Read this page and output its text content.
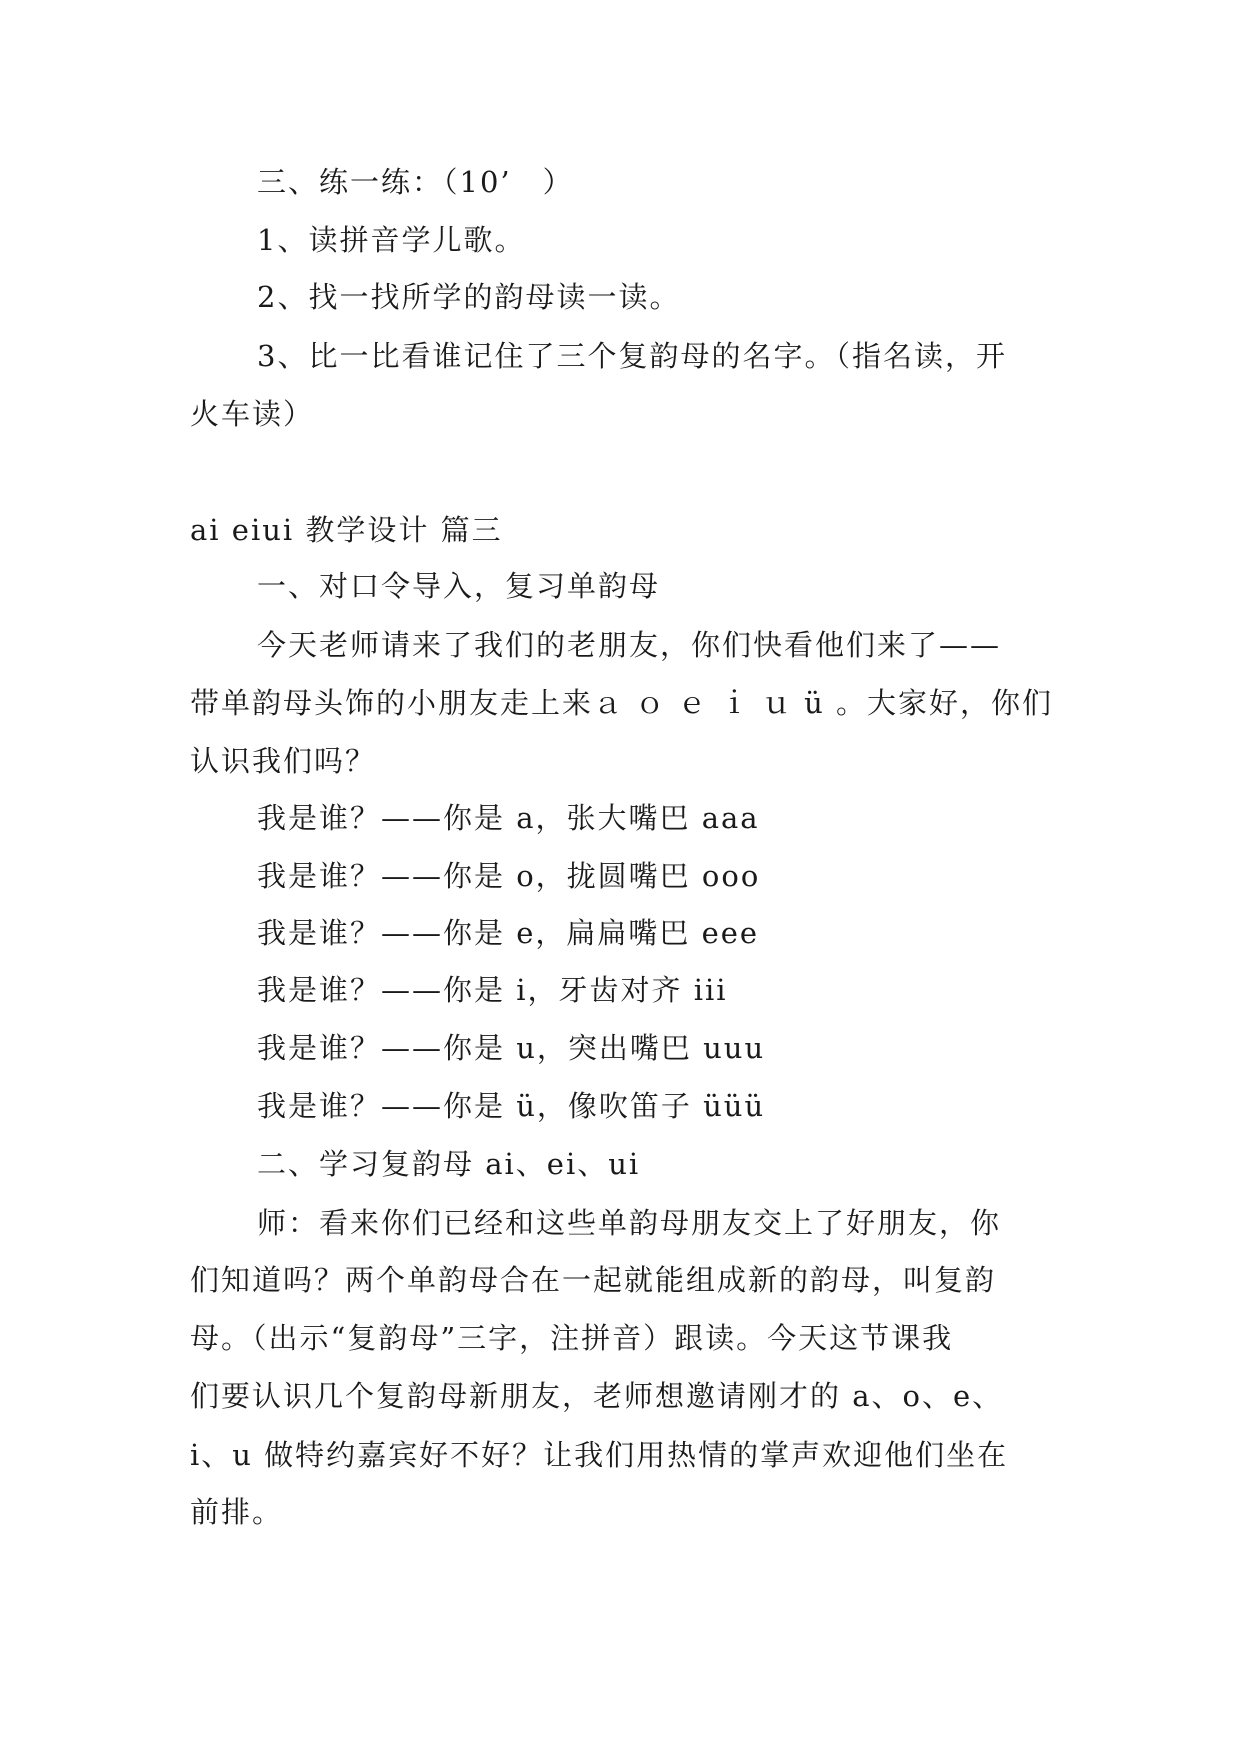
三、练一练：（10’　）
1、读拼音学儿歌。
2、找一找所学的韵母读一读。
3、比一比看谁记住了三个复韵母的名字。（指名读，开
火车读）
ai eiui 教学设计 篇三
一、对口令导入，复习单韵母
今天老师请来了我们的老朋友，你们快看他们来了——
带单韵母头饰的小朋友走上来ａ ｏ ｅ ｉ ｕ ü 。大家好，你们
认识我们吗？
我是谁？——你是 a，张大嘴巴 aaa
我是谁？——你是 o，拢圆嘴巴 ooo
我是谁？——你是 e，扁扁嘴巴 eee
我是谁？——你是 i，牙齿对齐 iii
我是谁？——你是 u，突出嘴巴 uuu
我是谁？——你是 ü，像吹笛子 üüü
二、学习复韵母 ai、ei、ui
师：看来你们已经和这些单韵母朋友交上了好朋友，你
们知道吗？两个单韵母合在一起就能组成新的韵母，叫复韵
母。（出示“复韵母”三字，注拼音）跟读。今天这节课我
们要认识几个复韵母新朋友，老师想邀请刚才的 a、o、e、
i、u 做特约嘉宾好不好？让我们用热情的掌声欢迎他们坐在
前排。
